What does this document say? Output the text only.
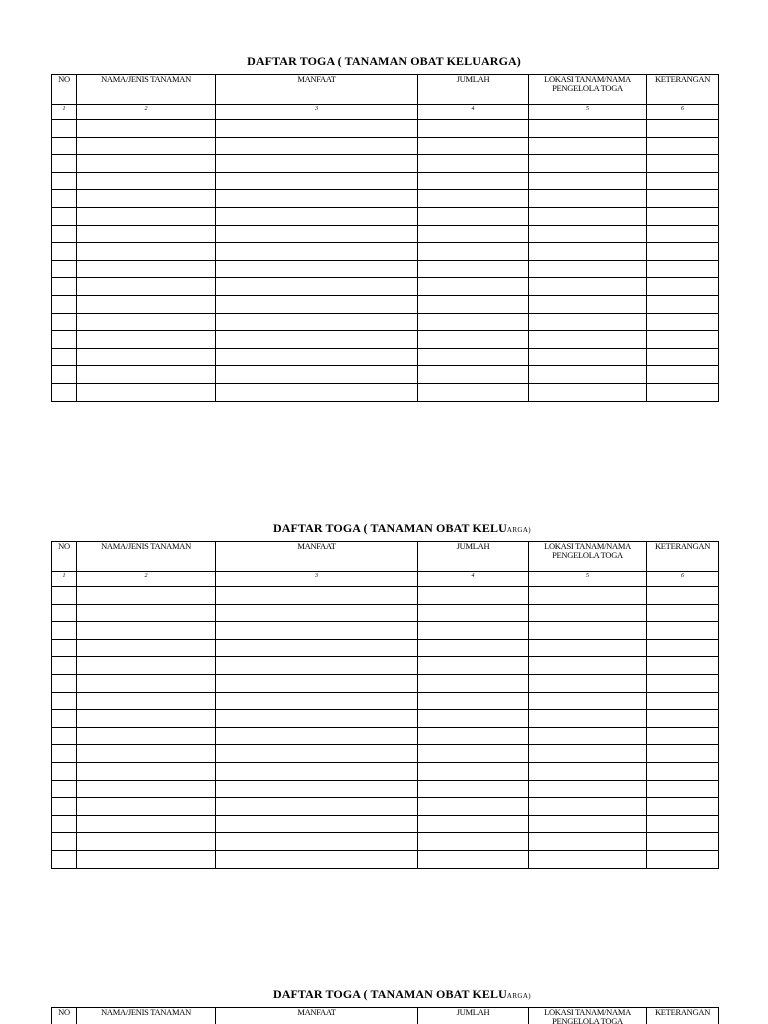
DAFTAR TOGA ( TANAMAN OBAT KELUARGA)
NO	NAMA/JENIS TANAMAN	MANFAAT	JUMLAH	LOKASI TANAM/NAMA PENGELOLA TOGA	KETERANGAN
1	2	3	4	5	6

DAFTAR TOGA ( TANAMAN OBAT KELUARGA)
NO	NAMA/JENIS TANAMAN	MANFAAT	JUMLAH	LOKASI TANAM/NAMA PENGELOLA TOGA	KETERANGAN
1	2	3	4	5	6

DAFTAR TOGA ( TANAMAN OBAT KELUARGA)
NO	NAMA/JENIS TANAMAN	MANFAAT	JUMLAH	LOKASI TANAM/NAMA PENGELOLA TOGA	KETERANGAN
